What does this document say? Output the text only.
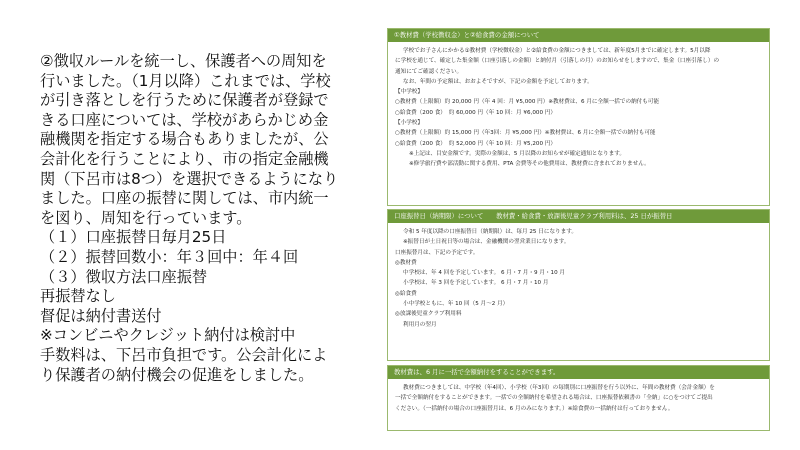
②徴収ルールを統一し、保護者への周知を
行いました。（1月以降）これまでは、学校
が引き落としを行うために保護者が登録で
きる口座については、学校があらかじめ金
融機関を指定する場合もありましたが、公
会計化を行うことにより、市の指定金融機
関（下呂市は8つ）を選択できるようになり
ました。口座の振替に関しては、市内統一
を図り、周知を行っています。
（１）口座振替日毎月25日
（２）振替回数小：年３回中：年４回
（３）徴収方法口座振替
再振替なし
督促は納付書送付
※コンビニやクレジット納付は検討中
手数料は、下呂市負担です。公会計化によ
り保護者の納付機会の促進をしました。
①教材費（学校徴収金）と②給食費の金額について
学校でお子さんにかかる①教材費（学校徴収金）と②給食費の金額につきましては、新年度5月までに確定します。5月以降
に学校を通じて、確定した集金額（口座引落しの金額）と納付月（引落しの月）のお知らせをしますので、集金（口座引落し）の
通知にてご確認ください。
なお、年間の予定額は、おおよそですが、下記の金額を予定しております。
【中学校】
○教材費（上限額）約 20,000 円（年 4 回：月 ¥5,000 円）※教材費は、6 月に全額一括での納付も可能
○給食費（200 食）　約 60,000 円（年 10 回：月 ¥6,000 円）
【小学校】
○教材費（上限額）約 15,000 円（年3回：月 ¥5,000 円）※教材費は、6 月に全額一括での納付も可能
○給食費（200 食）　約 52,000 円（年 10 回：月 ¥5,200 円）
※上記は、目安金額です。実際の金額は、5 月以降のお知らせが確定通知となります。
※修学旅行費や部活動に関する費用、PTA 会費等その他費用は、教材費に含まれておりません。
口座振替日（納期限）について　　教材費・給食費・放課後児童クラブ利用料は、25 日が振替日
令和 5 年度以降の口座振替日（納期限）は、毎月 25 日になります。
※振替日が土日祝日等の場合は、金融機関の翌営業日になります。
口座振替月は、下記の予定です。
◎教材費
中学校は、年 4 回を予定しています。 6 月・7 月・9 月・10 月
小学校は、年 3 回を予定しています。 6 月・7 月・10 月
◎給食費
小中学校ともに、年 10 回（5 月～2 月）
◎放課後児童クラブ利用料
利用月の翌月
教材費は、6 月に一括で全額納付をすることができます。
教材費につきましては、中学校（年4回）、小学校（年3回）の毎期別に口座振替を行う以外に、年間の教材費（会計金額）を
一括で全額納付をすることができます。一括での全額納付を希望される場合は、口座振替依頼書の「全納」に○をつけてご提出
ください。（一括納付の場合の口座振替月は、6 月のみになります。）※給食費の一括納付は行っておりません。
